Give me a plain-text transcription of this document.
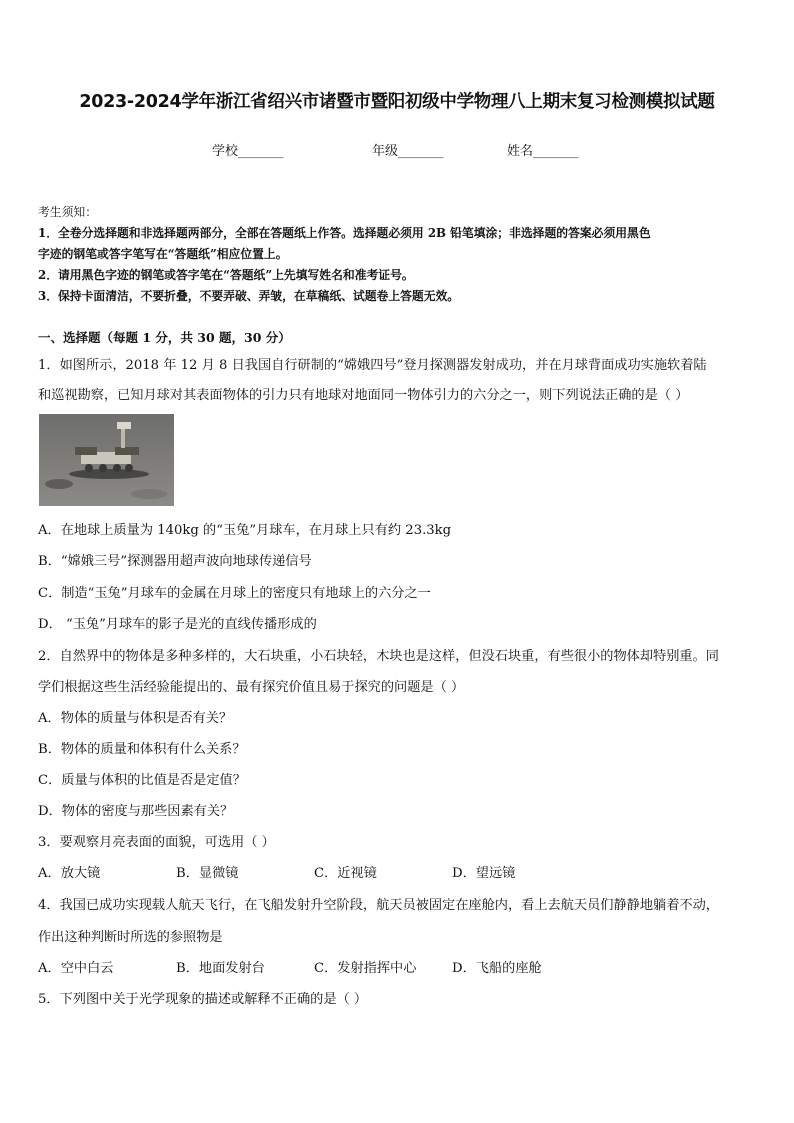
2023-2024学年浙江省绍兴市诸暨市暨阳初级中学物理八上期末复习检测模拟试题
学校_______	年级_______	姓名_______
考生须知：
1．全卷分选择题和非选择题两部分，全部在答题纸上作答。选择题必须用 2B 铅笔填涂；非选择题的答案必须用黑色
字迹的钢笔或答字笔写在“答题纸”相应位置上。
2．请用黑色字迹的钢笔或答字笔在“答题纸”上先填写姓名和准考证号。
3．保持卡面清洁，不要折叠，不要弄破、弄皱，在草稿纸、试题卷上答题无效。
一、选择题（每题 1 分，共 30 题，30 分）
1．如图所示，2018 年 12 月 8 日我国自行研制的“嫦娥四号”登月探测器发射成功，并在月球背面成功实施软着陆
和巡视勘察，已知月球对其表面物体的引力只有地球对地面同一物体引力的六分之一，则下列说法正确的是（ ）
A．在地球上质量为 140kg 的“玉兔”月球车，在月球上只有约 23.3kg
B．“嫦娥三号”探测器用超声波向地球传递信号
C．制造“玉兔”月球车的金属在月球上的密度只有地球上的六分之一
D． “玉兔”月球车的影子是光的直线传播形成的
2．自然界中的物体是多种多样的，大石块重，小石块轻，木块也是这样，但没石块重，有些很小的物体却特别重。同
学们根据这些生活经验能提出的、最有探究价值且易于探究的问题是（ ）
A．物体的质量与体积是否有关？
B．物体的质量和体积有什么关系？
C．质量与体积的比值是否是定值？
D．物体的密度与那些因素有关？
3．要观察月亮表面的面貌，可选用（ ）
A．放大镜	B．显微镜	C．近视镜	D．望远镜
4．我国已成功实现载人航天飞行，在飞船发射升空阶段，航天员被固定在座舱内，看上去航天员们静静地躺着不动，
作出这种判断时所选的参照物是
A．空中白云	B．地面发射台	C．发射指挥中心	D．飞船的座舱
5．下列图中关于光学现象的描述或解释不正确的是（ ）
